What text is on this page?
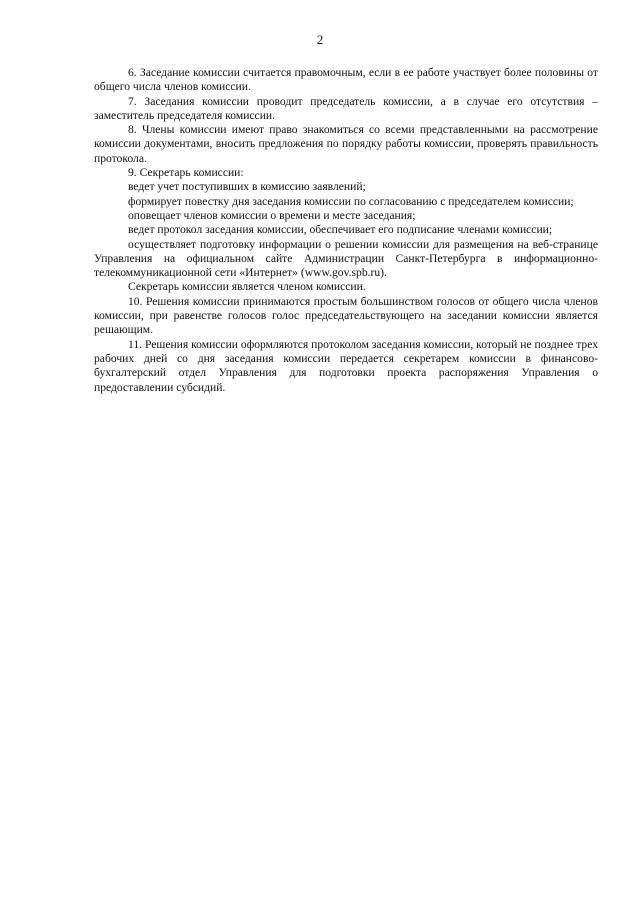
2

6. Заседание комиссии считается правомочным, если в ее работе участвует более половины от общего числа членов комиссии.

7. Заседания комиссии проводит председатель комиссии, а в случае его отсутствия – заместитель председателя комиссии.

8. Члены комиссии имеют право знакомиться со всеми представленными на рассмотрение комиссии документами, вносить предложения по порядку работы комиссии, проверять правильность протокола.

9. Секретарь комиссии:

ведет учет поступивших в комиссию заявлений;

формирует повестку дня заседания комиссии по согласованию с председателем комиссии;

оповещает членов комиссии о времени и месте заседания;

ведет протокол заседания комиссии, обеспечивает его подписание членами комиссии;

осуществляет подготовку информации о решении комиссии для размещения на веб-странице Управления на официальном сайте Администрации Санкт-Петербурга в информационно-телекоммуникационной сети «Интернет» (www.gov.spb.ru).

Секретарь комиссии является членом комиссии.

10. Решения комиссии принимаются простым большинством голосов от общего числа членов комиссии, при равенстве голосов голос председательствующего на заседании комиссии является решающим.

11. Решения комиссии оформляются протоколом заседания комиссии, который не позднее трех рабочих дней со дня заседания комиссии передается секретарем комиссии в финансово-бухгалтерский отдел Управления для подготовки проекта распоряжения Управления о предоставлении субсидий.
